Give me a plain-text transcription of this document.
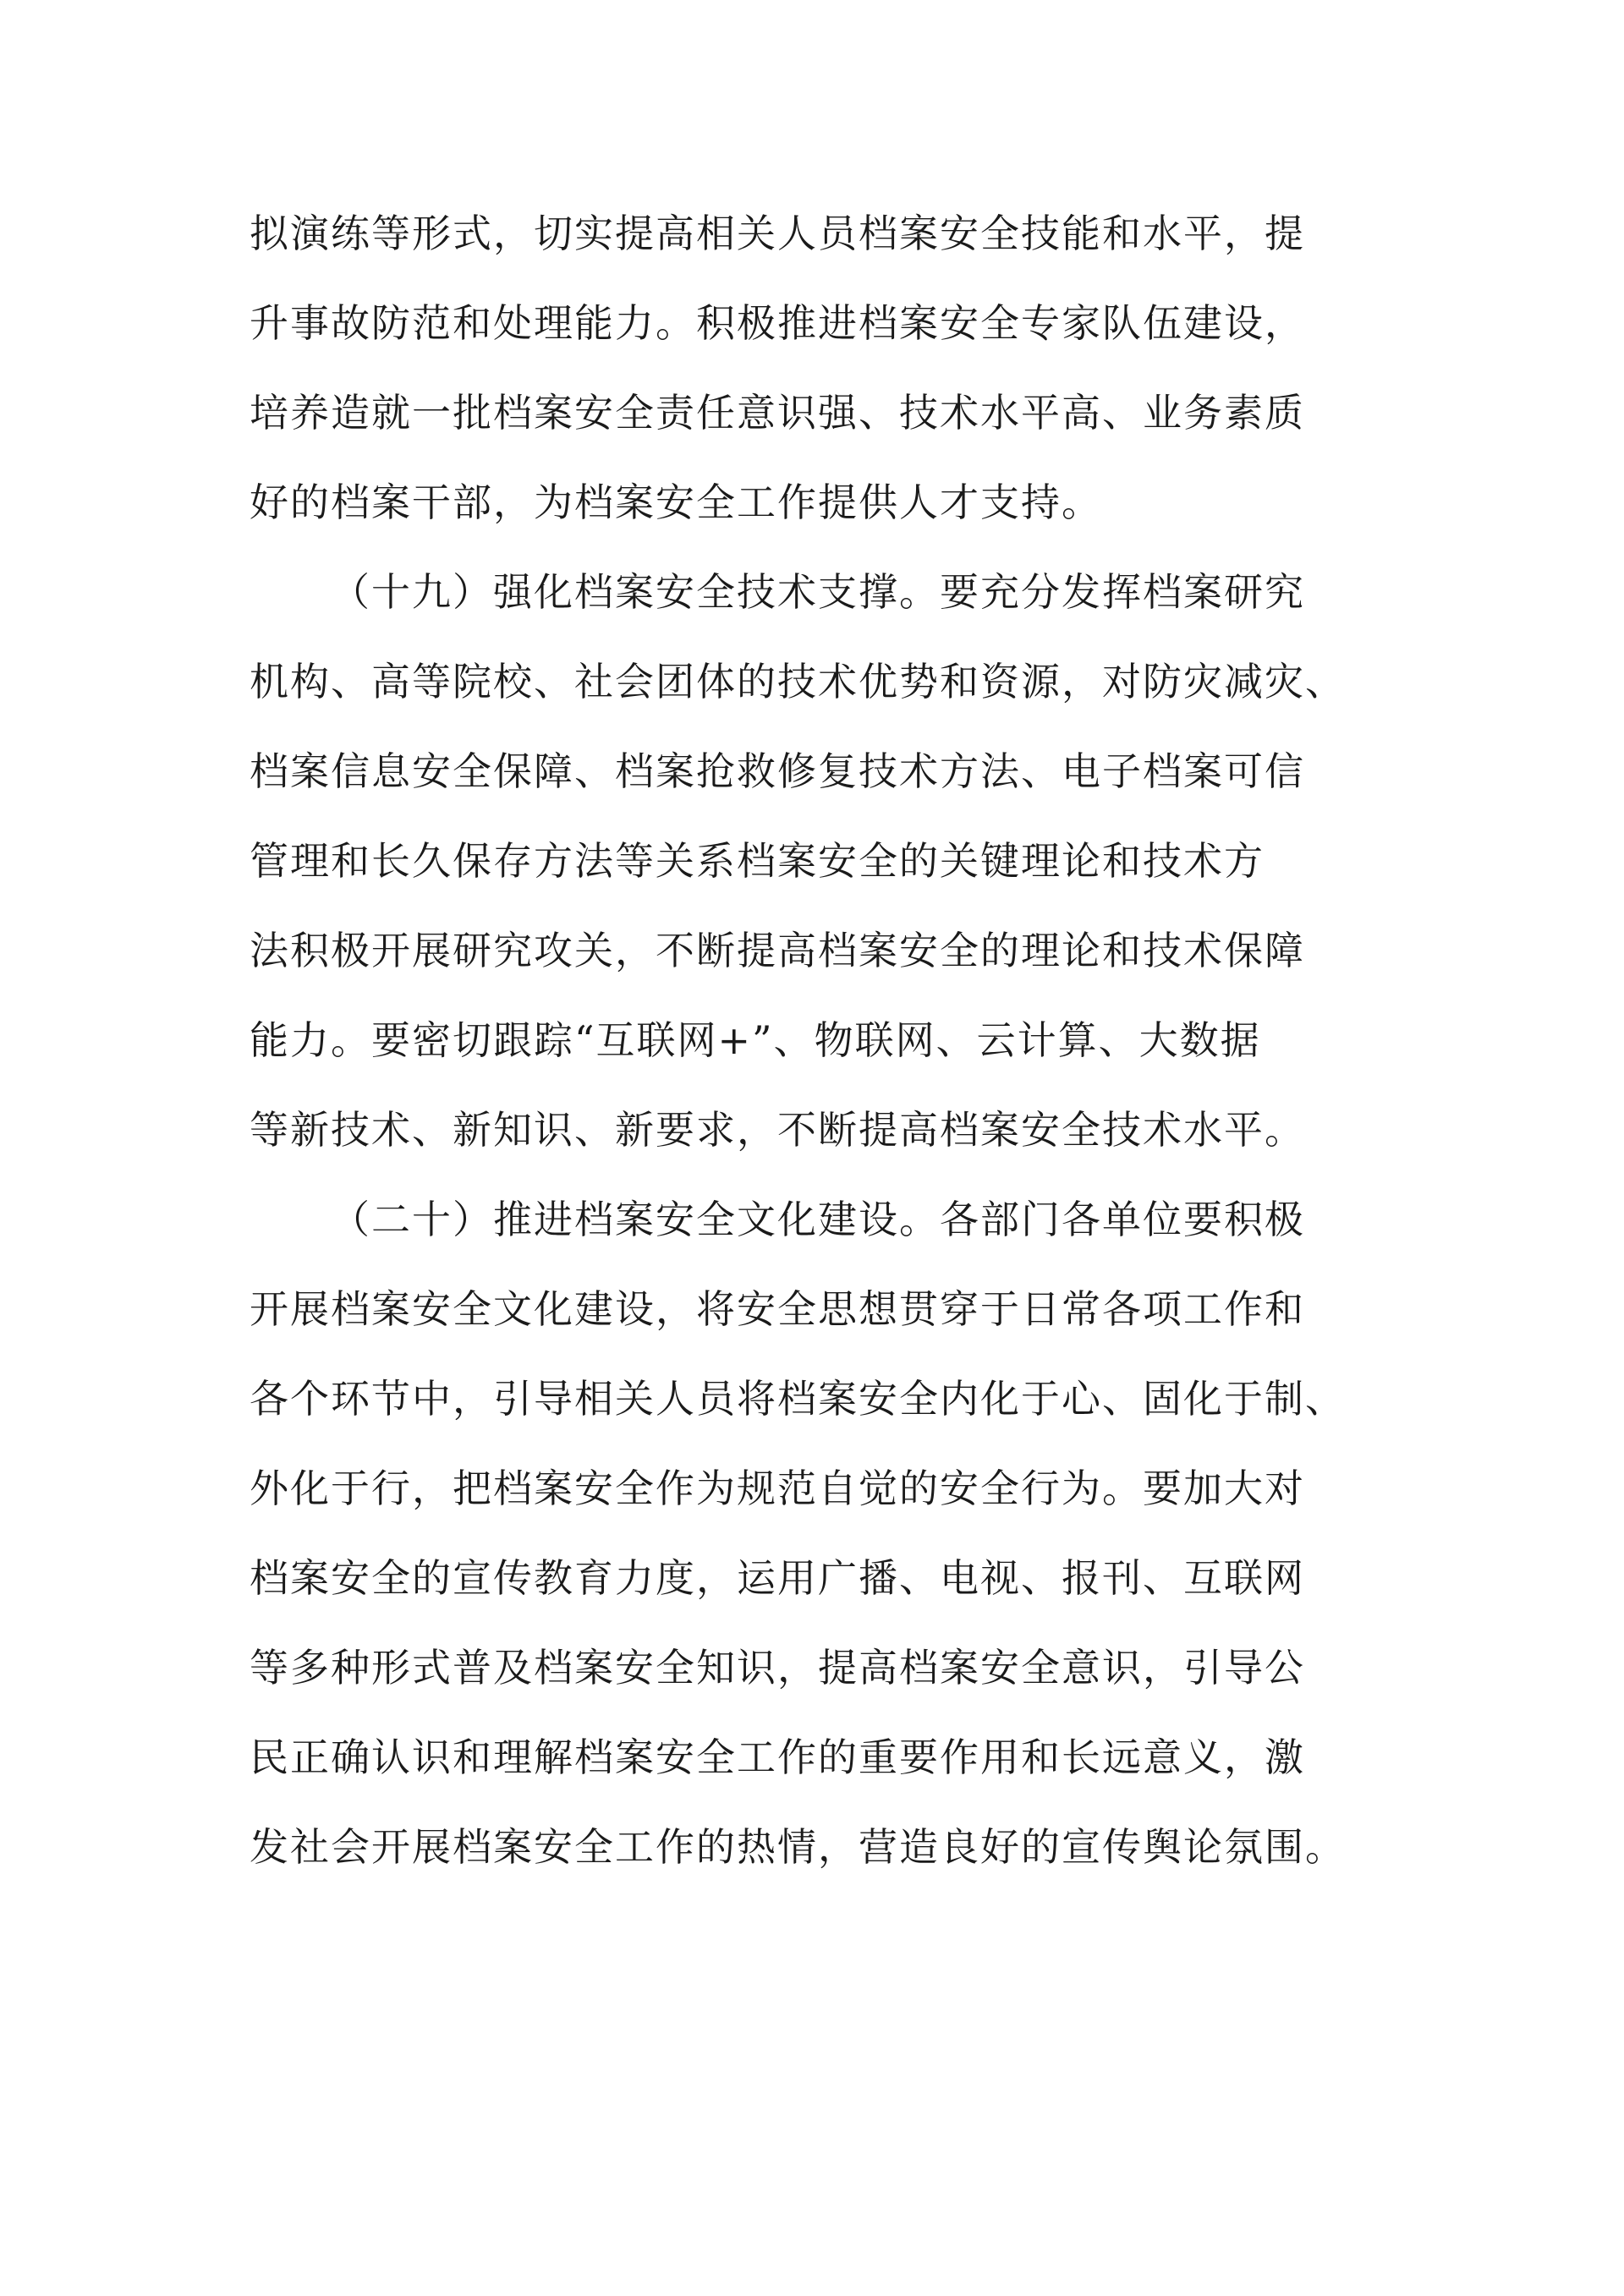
拟演练等形式，切实提高相关人员档案安全技能和水平，提
升事故防范和处理能力。积极推进档案安全专家队伍建设，
培养造就一批档案安全责任意识强、技术水平高、业务素质
好的档案干部，为档案安全工作提供人才支持。
（十九）强化档案安全技术支撑。要充分发挥档案研究
机构、高等院校、社会团体的技术优势和资源，对防灾减灾、
档案信息安全保障、档案抢救修复技术方法、电子档案可信
管理和长久保存方法等关系档案安全的关键理论和技术方
法积极开展研究攻关，不断提高档案安全的理论和技术保障
能力。要密切跟踪“互联网+”、物联网、云计算、大数据
等新技术、新知识、新要求，不断提高档案安全技术水平。
（二十）推进档案安全文化建设。各部门各单位要积极
开展档案安全文化建设，将安全思想贯穿于日常各项工作和
各个环节中，引导相关人员将档案安全内化于心、固化于制、
外化于行，把档案安全作为规范自觉的安全行为。要加大对
档案安全的宣传教育力度，运用广播、电视、报刊、互联网
等多种形式普及档案安全知识，提高档案安全意识，引导公
民正确认识和理解档案安全工作的重要作用和长远意义，激
发社会开展档案安全工作的热情，营造良好的宣传舆论氛围。
